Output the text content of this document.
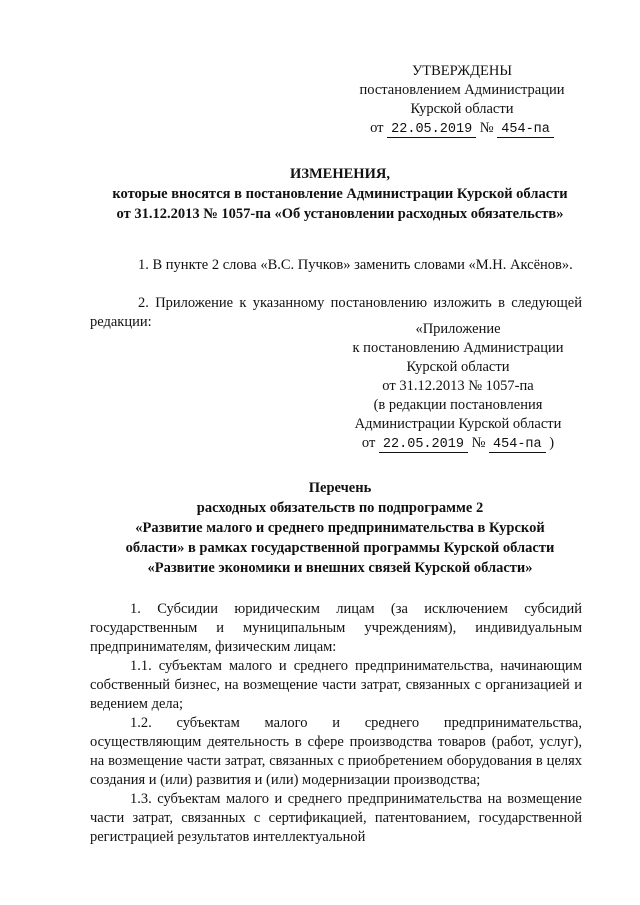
УТВЕРЖДЕНЫ
постановлением Администрации
Курской области
от 22.05.2019 № 454-па
ИЗМЕНЕНИЯ,
которые вносятся в постановление Администрации Курской области
от 31.12.2013 № 1057-па «Об установлении расходных обязательств»
1. В пункте 2 слова «В.С. Пучков» заменить словами «М.Н. Аксёнов».
2. Приложение к указанному постановлению изложить в следующей редакции:	«Приложение
к постановлению Администрации
Курской области
от 31.12.2013 № 1057-па
(в редакции постановления
Администрации Курской области
от 22.05.2019 № 454-па )
Перечень
расходных обязательств по подпрограмме 2
«Развитие малого и среднего предпринимательства в Курской
области» в рамках государственной программы Курской области
«Развитие экономики и внешних связей Курской области»

1. Субсидии юридическим лицам (за исключением субсидий государственным и муниципальным учреждениям), индивидуальным предпринимателям, физическим лицам:

1.1. субъектам малого и среднего предпринимательства, начинающим собственный бизнес, на возмещение части затрат, связанных с организацией и ведением дела;

1.2. субъектам малого и среднего предпринимательства, осуществляющим деятельность в сфере производства товаров (работ, услуг), на возмещение части затрат, связанных с приобретением оборудования в целях создания и (или) развития и (или) модернизации производства;

1.3. субъектам малого и среднего предпринимательства на возмещение части затрат, связанных с сертификацией, патентованием, государственной регистрацией результатов интеллектуальной
